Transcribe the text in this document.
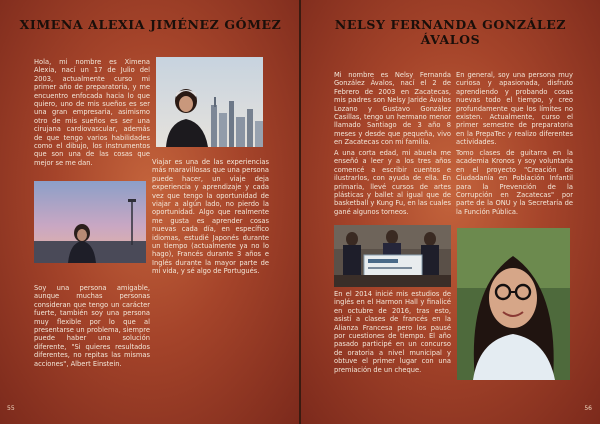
XIMENA ALEXIA JIMÉNEZ GÓMEZ

Hola, mi nombre es Ximena Alexia, nací un 17 de Julio del 2003, actualmente curso mi primer año de preparatoria, y me encuentro enfocada hacia lo que quiero, uno de mis sueños es ser una gran empresaria, asimismo otro de mis sueños es ser una cirujana cardiovascular, además de que tengo varios habilidades como el dibujo, los instrumentos que son una de las cosas que mejor se me dan.	Viajar es una de las experiencias más maravillosas que una persona puede hacer, un viaje deja experiencia y aprendizaje y cada vez que tengo la oportunidad de viajar a algún lado, no pierdo la oportunidad. Algo que realmente me gusta es aprender cosas nuevas cada día, en específico idiomas, estudié Japonés durante un tiempo (actualmente ya no lo hago), Francés durante 3 años e Inglés durante la mayor parte de mi vida, y sé algo de Portugués.

Soy una persona amigable, aunque muchas personas consideran que tengo un carácter fuerte, también soy una persona muy flexible por lo que al presentarse un problema, siempre puede haber una solución diferente, "Si quieres resultados diferentes, no repitas las mismas acciones", Albert Einstein.

55

NELSY FERNANDA GONZÁLEZ ÁVALOS

Mi nombre es Nelsy Fernanda González Ávalos, nací el 2 de Febrero de 2003 en Zacatecas, mis padres son Nelsy Jaride Ávalos Lozano y Gustavo González Casillas, tengo un hermano menor llamado Santiago de 3 año 8 meses y desde que pequeña, vivo en Zacatecas con mi familia.

A una corta edad, mi abuela me enseñó a leer y a los tres años comencé a escribir cuentos e ilustrarlos, con ayuda de ella. En primaria, llevé cursos de artes plásticas y ballet al igual que de basketball y Kung Fu, en las cuales gané algunos torneos.

En el 2014 inicié mis estudios de inglés en el Harmon Hall y finalicé en octubre de 2016, tras esto, asistí a clases de francés en la Alianza Francesa pero los pausé por cuestiones de tiempo. El año pasado participé en un concurso de oratoria a nivel municipal y obtuve el primer lugar con una premiación de un cheque.

En general, soy una persona muy curiosa y apasionada, disfruto aprendiendo y probando cosas nuevas todo el tiempo, y creo profundamente que los límites no existen. Actualmente, curso el primer semestre de preparatoria en la PrepaTec y realizo diferentes actividades.

Tomo clases de guitarra en la academia Kronos y soy voluntaria en el proyecto "Creación de Ciudadanía en Población Infantil para la Prevención de la Corrupción en Zacatecas" por parte de la ONU y la Secretaría de la Función Pública.

56
